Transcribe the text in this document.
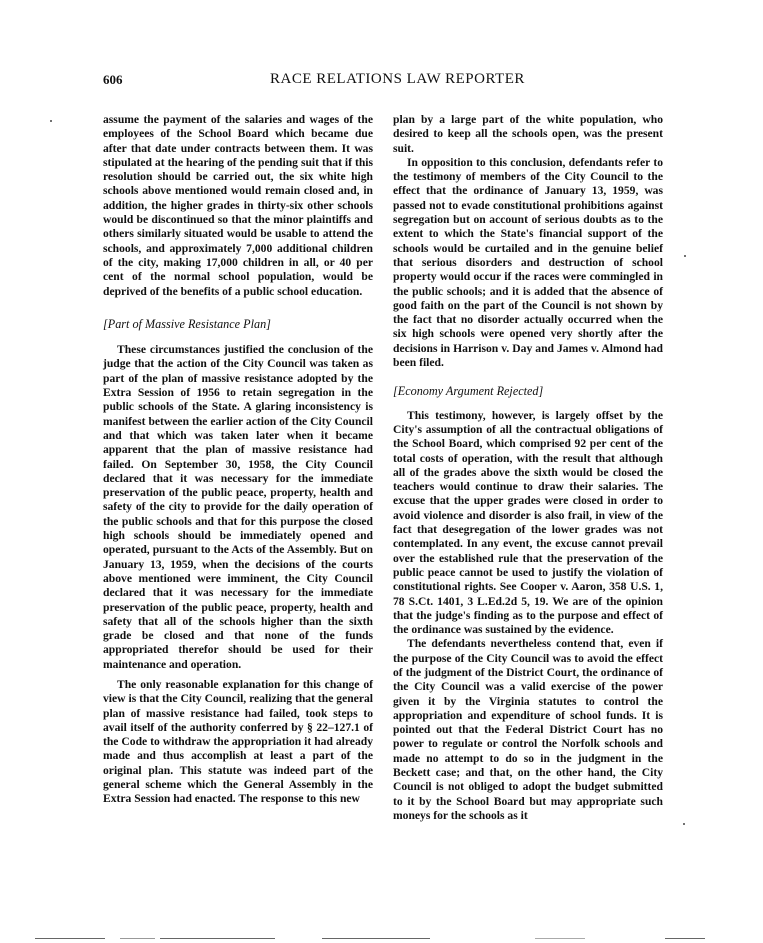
606	RACE RELATIONS LAW REPORTER

assume the payment of the salaries and wages of the employees of the School Board which became due after that date under contracts between them. It was stipulated at the hearing of the pending suit that if this resolution should be carried out, the six white high schools above mentioned would remain closed and, in addition, the higher grades in thirty-six other schools would be discontinued so that the minor plaintiffs and others similarly situated would be usable to attend the schools, and approximately 7,000 additional children of the city, making 17,000 children in all, or 40 per cent of the normal school population, would be deprived of the benefits of a public school education.

[Part of Massive Resistance Plan]

These circumstances justified the conclusion of the judge that the action of the City Council was taken as part of the plan of massive resistance adopted by the Extra Session of 1956 to retain segregation in the public schools of the State. A glaring inconsistency is manifest between the earlier action of the City Council and that which was taken later when it became apparent that the plan of massive resistance had failed. On September 30, 1958, the City Council declared that it was necessary for the immediate preservation of the public peace, property, health and safety of the city to provide for the daily operation of the public schools and that for this purpose the closed high schools should be immediately opened and operated, pursuant to the Acts of the Assembly. But on January 13, 1959, when the decisions of the courts above mentioned were imminent, the City Council declared that it was necessary for the immediate preservation of the public peace, property, health and safety that all of the schools higher than the sixth grade be closed and that none of the funds appropriated therefor should be used for their maintenance and operation.

The only reasonable explanation for this change of view is that the City Council, realizing that the general plan of massive resistance had failed, took steps to avail itself of the authority conferred by § 22–127.1 of the Code to withdraw the appropriation it had already made and thus accomplish at least a part of the original plan. This statute was indeed part of the general scheme which the General Assembly in the Extra Session had enacted. The response to this new

plan by a large part of the white population, who desired to keep all the schools open, was the present suit.

In opposition to this conclusion, defendants refer to the testimony of members of the City Council to the effect that the ordinance of January 13, 1959, was passed not to evade constitutional prohibitions against segregation but on account of serious doubts as to the extent to which the State's financial support of the schools would be curtailed and in the genuine belief that serious disorders and destruction of school property would occur if the races were commingled in the public schools; and it is added that the absence of good faith on the part of the Council is not shown by the fact that no disorder actually occurred when the six high schools were opened very shortly after the decisions in Harrison v. Day and James v. Almond had been filed.

[Economy Argument Rejected]

This testimony, however, is largely offset by the City's assumption of all the contractual obligations of the School Board, which comprised 92 per cent of the total costs of operation, with the result that although all of the grades above the sixth would be closed the teachers would continue to draw their salaries. The excuse that the upper grades were closed in order to avoid violence and disorder is also frail, in view of the fact that desegregation of the lower grades was not contemplated. In any event, the excuse cannot prevail over the established rule that the preservation of the public peace cannot be used to justify the violation of constitutional rights. See Cooper v. Aaron, 358 U.S. 1, 78 S.Ct. 1401, 3 L.Ed.2d 5, 19. We are of the opinion that the judge's finding as to the purpose and effect of the ordinance was sustained by the evidence.

The defendants nevertheless contend that, even if the purpose of the City Council was to avoid the effect of the judgment of the District Court, the ordinance of the City Council was a valid exercise of the power given it by the Virginia statutes to control the appropriation and expenditure of school funds. It is pointed out that the Federal District Court has no power to regulate or control the Norfolk schools and made no attempt to do so in the judgment in the Beckett case; and that, on the other hand, the City Council is not obliged to adopt the budget submitted to it by the School Board but may appropriate such moneys for the schools as it
